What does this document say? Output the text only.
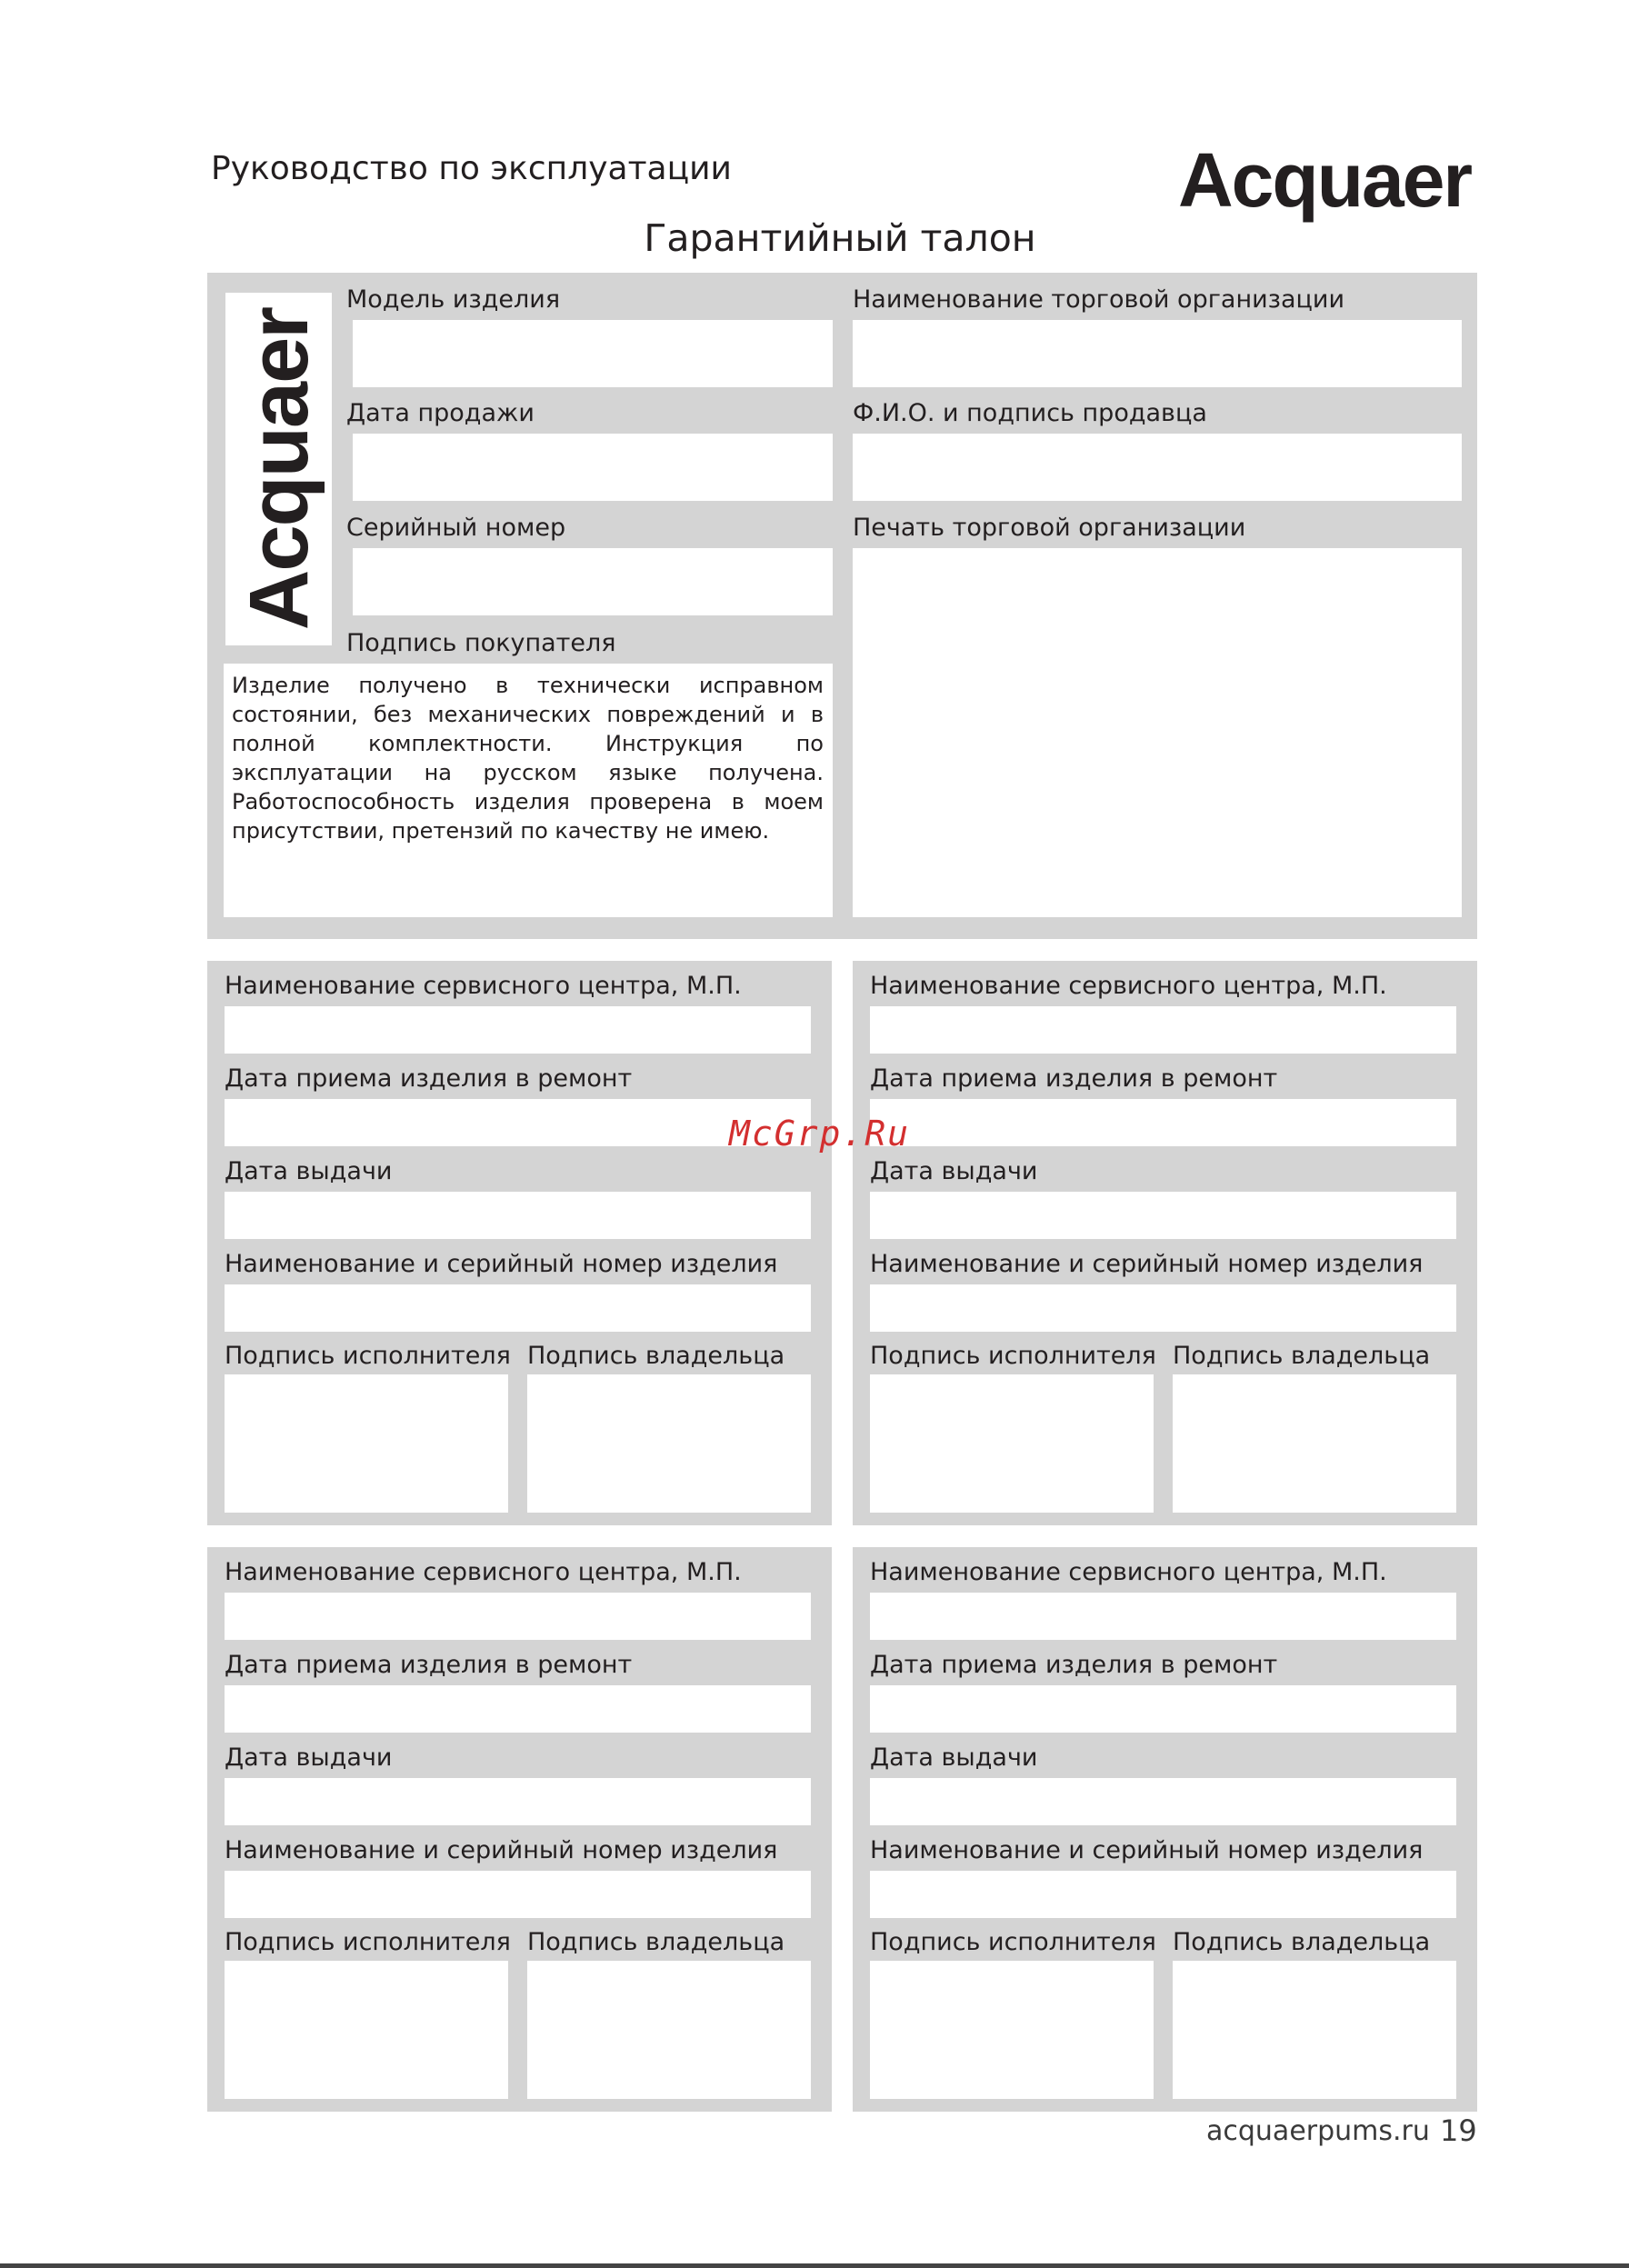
Руководство по эксплуатации	Acquaer
Гарантийный талон
Acquaer
Модель изделия
Дата продажи
Серийный номер
Подпись покупателя
Изделие получено в технически исправном состоянии, без механических повреждений и в полной комплектности. Инструкция по эксплуатации на русском языке получена. Работоспособность изделия проверена в моем присутствии, претензий по качеству не имею.
Наименование торговой организации
Ф.И.О. и подпись продавца
Печать торговой организации
Наименование сервисного центра, М.П.
Дата приема изделия в ремонт
Дата выдачи
Наименование и серийный номер изделия
Подпись исполнителя Подпись владельца
Наименование сервисного центра, М.П.
Дата приема изделия в ремонт
Дата выдачи
Наименование и серийный номер изделия
Подпись исполнителя Подпись владельца
Наименование сервисного центра, М.П.
Дата приема изделия в ремонт
Дата выдачи
Наименование и серийный номер изделия
Подпись исполнителя Подпись владельца
Наименование сервисного центра, М.П.
Дата приема изделия в ремонт
Дата выдачи
Наименование и серийный номер изделия
Подпись исполнителя Подпись владельца
McGrp.Ru
acquaerpums.ru 19
